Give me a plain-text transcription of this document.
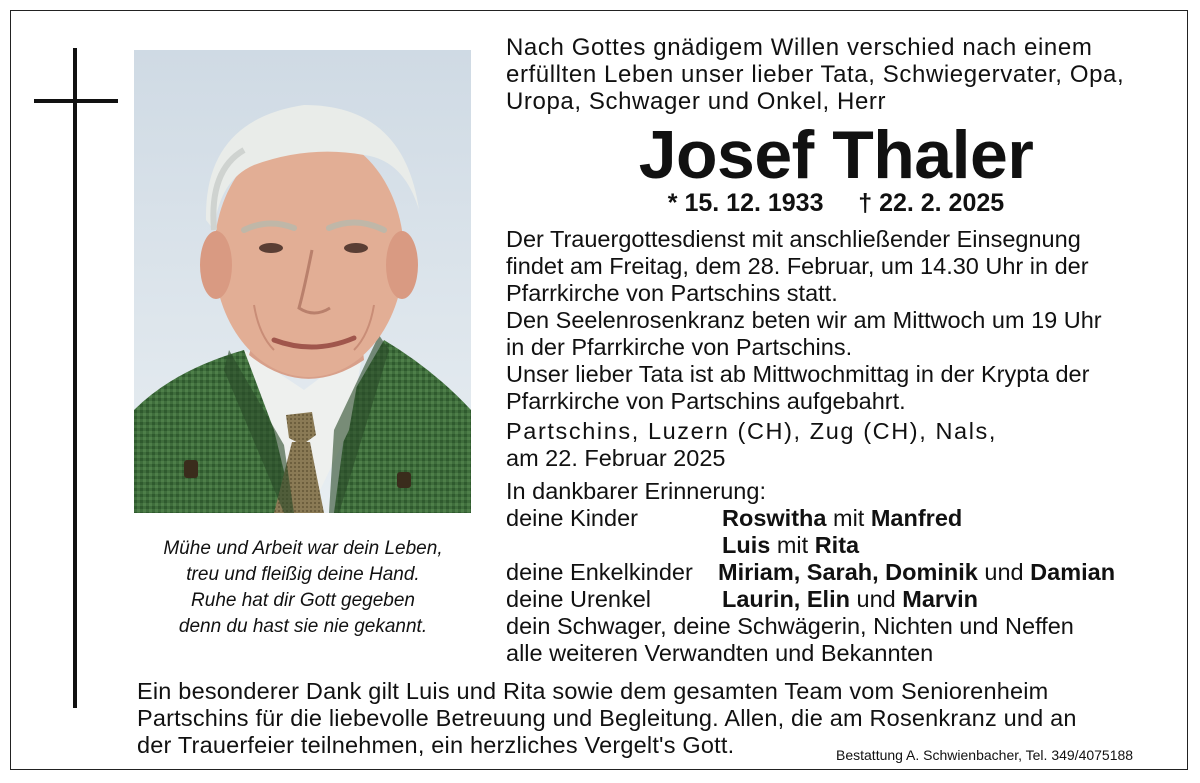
Mühe und Arbeit war dein Leben,
treu und fleißig deine Hand.
Ruhe hat dir Gott gegeben
denn du hast sie nie gekannt.
Nach Gottes gnädigem Willen verschied nach einem
erfüllten Leben unser lieber Tata, Schwiegervater, Opa,
Uropa, Schwager und Onkel, Herr
Josef Thaler
* 15. 12. 1933     † 22. 2. 2025
Der Trauergottesdienst mit anschließender Einsegnung
findet am Freitag, dem 28. Februar, um 14.30 Uhr in der
Pfarrkirche von Partschins statt.
Den Seelenrosenkranz beten wir am Mittwoch um 19 Uhr
in der Pfarrkirche von Partschins.
Unser lieber Tata ist ab Mittwochmittag in der Krypta der
Pfarrkirche von Partschins aufgebahrt.
Partschins, Luzern (CH), Zug (CH), Nals,
am 22. Februar 2025
In dankbarer Erinnerung:
deine Kinder	Roswitha mit Manfred
Luis mit Rita
deine Enkelkinder Miriam, Sarah, Dominik und Damian
deine Urenkel	Laurin, Elin und Marvin
dein Schwager, deine Schwägerin, Nichten und Neffen
alle weiteren Verwandten und Bekannten
Ein besonderer Dank gilt Luis und Rita sowie dem gesamten Team vom Seniorenheim
Partschins für die liebevolle Betreuung und Begleitung. Allen, die am Rosenkranz und an
der Trauerfeier teilnehmen, ein herzliches Vergelt's Gott.	Bestattung A. Schwienbacher, Tel. 349/4075188
